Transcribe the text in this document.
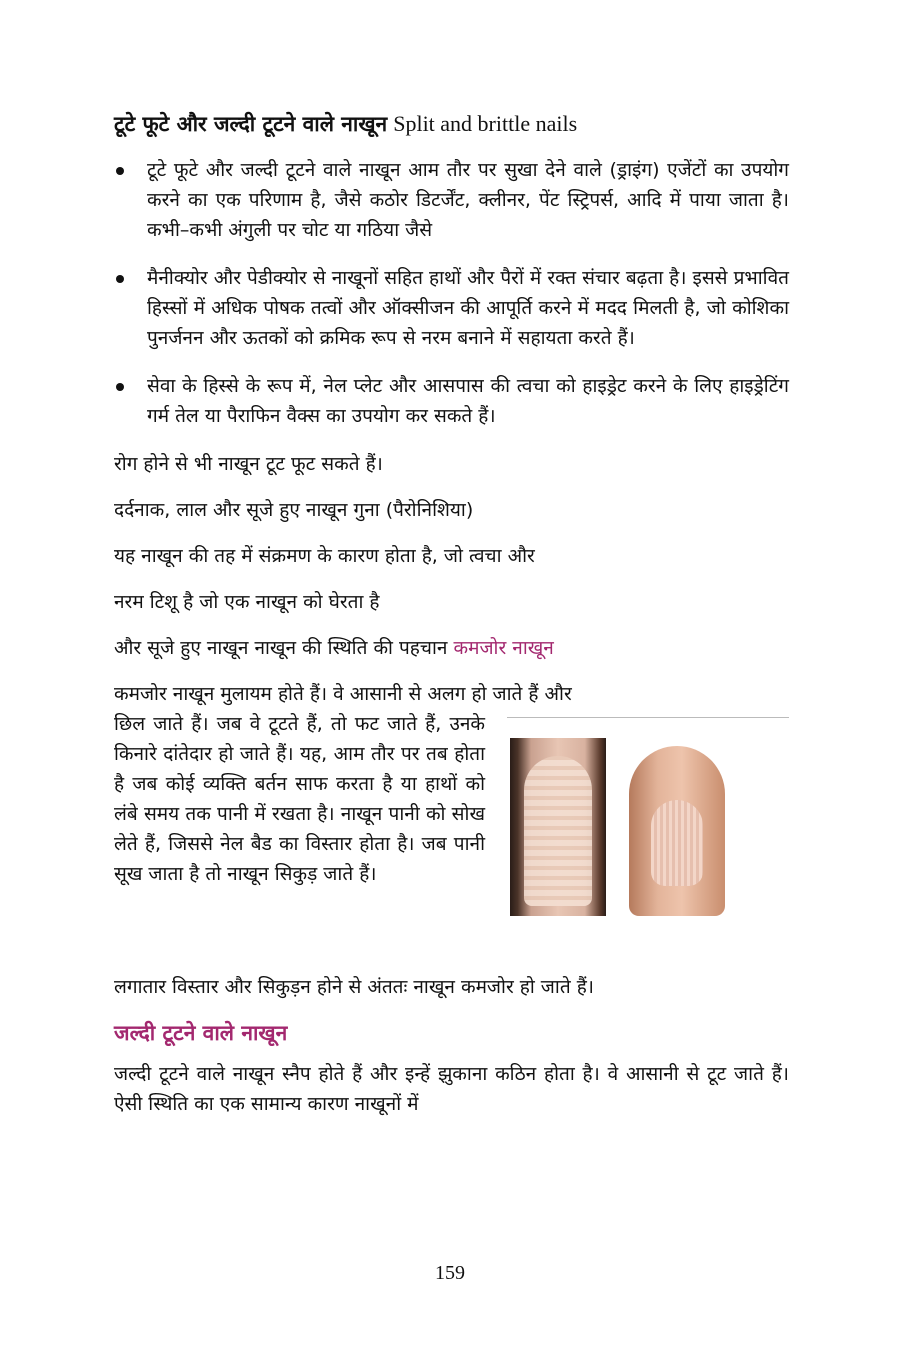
टूटे फूटे और जल्दी टूटने वाले नाखून Split and brittle nails
टूटे फूटे और जल्दी टूटने वाले नाखून आम तौर पर सुखा देने वाले (ड्राइंग) एजेंटों का उपयोग करने का एक परिणाम है, जैसे कठोर डिटर्जेंट, क्लीनर, पेंट स्ट्रिपर्स, आदि में पाया जाता है। कभी–कभी अंगुली पर चोट या गठिया जैसे
मैनीक्योर और पेडीक्योर से नाखूनों सहित हाथों और पैरों में रक्त संचार बढ़ता है। इससे प्रभावित हिस्सों में अधिक पोषक तत्वों और ऑक्सीजन की आपूर्ति करने में मदद मिलती है, जो कोशिका पुनर्जनन और ऊतकों को क्रमिक रूप से नरम बनाने में सहायता करते हैं।
सेवा के हिस्से के रूप में, नेल प्लेट और आसपास की त्वचा को हाइड्रेट करने के लिए हाइड्रेटिंग गर्म तेल या पैराफिन वैक्स का उपयोग कर सकते हैं।

रोग होने से भी नाखून टूट फूट सकते हैं।

दर्दनाक, लाल और सूजे हुए नाखून गुना (पैरोनिशिया)

यह नाखून की तह में संक्रमण के कारण होता है, जो त्वचा और

नरम टिशू है जो एक नाखून को घेरता है

और सूजे हुए नाखून नाखून की स्थिति की पहचान कमजोर नाखून

कमजोर नाखून मुलायम होते हैं। वे आसानी से अलग हो जाते हैं और

छिल जाते हैं। जब वे टूटते हैं, तो फट जाते हैं, उनके किनारे दांतेदार हो जाते हैं। यह, आम तौर पर तब होता है जब कोई व्यक्ति बर्तन साफ करता है या हाथों को लंबे समय तक पानी में रखता है। नाखून पानी को सोख लेते हैं, जिससे नेल बैड का विस्तार होता है। जब पानी सूख जाता है तो नाखून सिकुड़ जाते हैं।

लगातार विस्तार और सिकुड़न होने से अंततः नाखून कमजोर हो जाते हैं।

जल्दी टूटने वाले नाखून

जल्दी टूटने वाले नाखून स्नैप होते हैं और इन्हें झुकाना कठिन होता है। वे आसानी से टूट जाते हैं। ऐसी स्थिति का एक सामान्य कारण नाखूनों में

159
